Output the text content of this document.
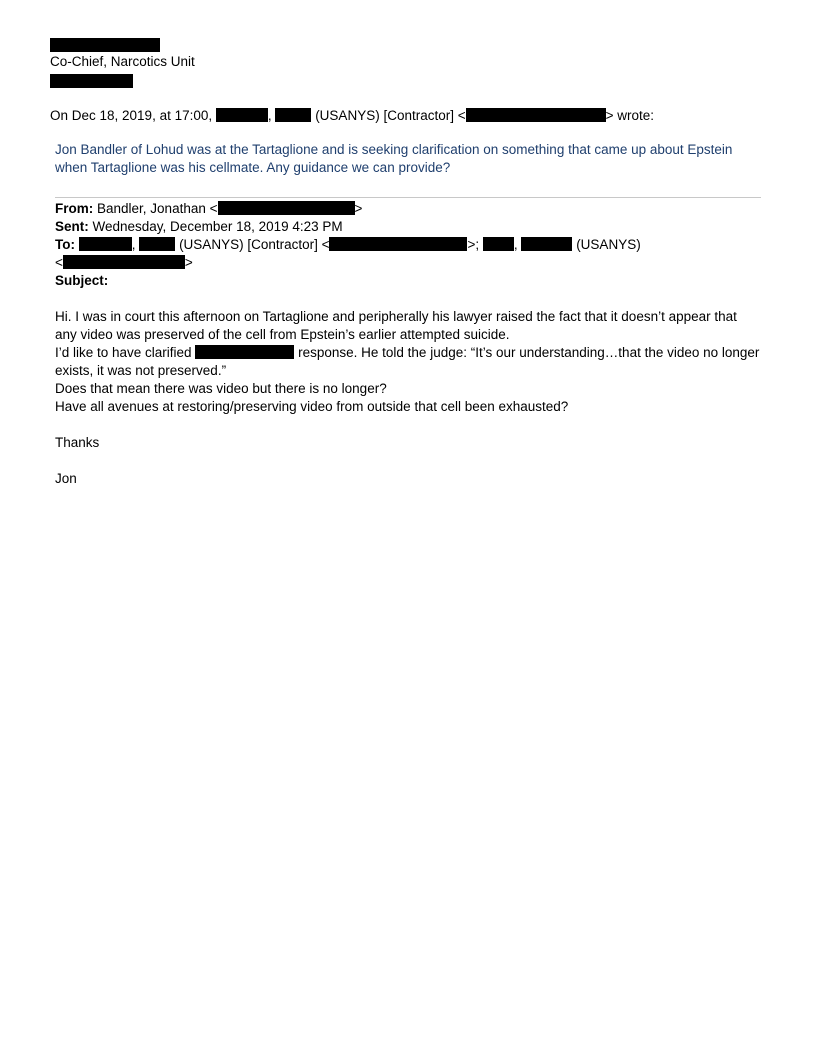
Co-Chief, Narcotics Unit
On Dec 18, 2019, at 17:00,	,	(USANYS) [Contractor] <	> wrote:
Jon Bandler of Lohud was at the Tartaglione and is seeking clarification on something that came up about Epstein
when Tartaglione was his cellmate. Any guidance we can provide?
From: Bandler, Jonathan <	>
Sent: Wednesday, December 18, 2019 4:23 PM
To:	,	(USANYS) [Contractor] <	>;	,	(USANYS)
<	>
Subject:
Hi. I was in court this afternoon on Tartaglione and peripherally his lawyer raised the fact that it doesn’t appear that
any video was preserved of the cell from Epstein’s earlier attempted suicide.
I’d like to have clarified	response. He told the judge: “It’s our understanding…that the video no longer
exists, it was not preserved.”
Does that mean there was video but there is no longer?
Have all avenues at restoring/preserving video from outside that cell been exhausted?
Thanks
Jon
